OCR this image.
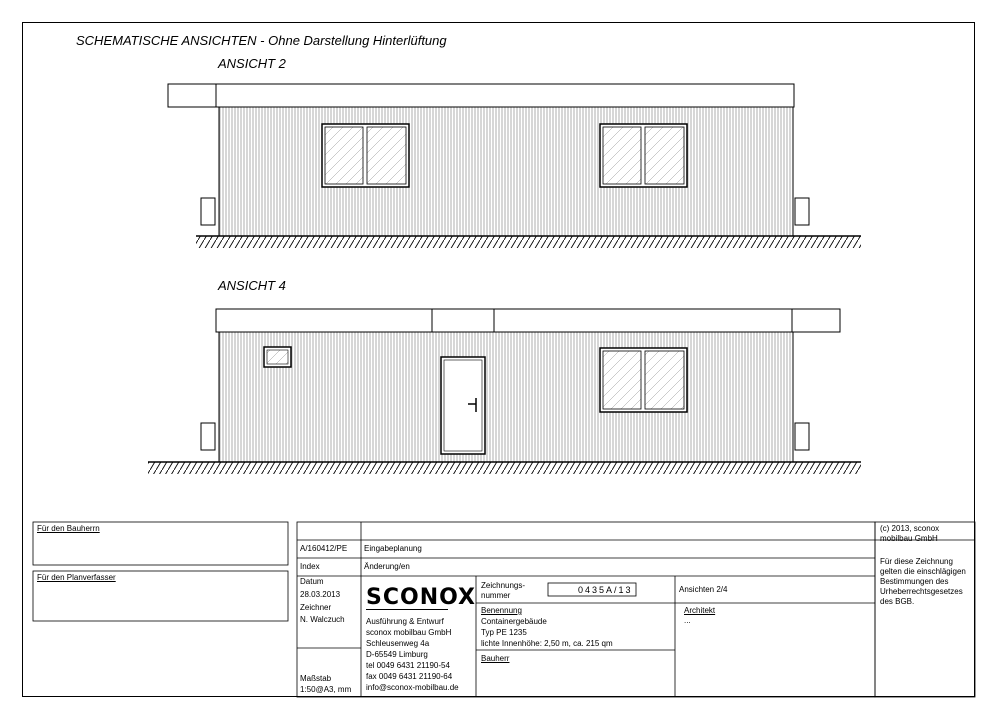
SCHEMATISCHE ANSICHTEN - Ohne Darstellung Hinterlüftung
ANSICHT 2
ANSICHT 4
Für den Bauherrn
Für den Planverfasser
A/160412/PE Eingabeplanung
Index	Änderung/en
Datum
28.03.2013
Zeichner
N. Walczuch
Maßstab
1:50@A3, mm
SCONOX
Ausführung & Entwurf
sconox mobilbau GmbH
Schleusenweg 4a
D-65549 Limburg
tel 0049 6431 21190-54
fax 0049 6431 21190-64
info@sconox-mobilbau.de
Zeichnungs-
nummer
0435A/13	Ansichten 2/4
Benennung
Containergebäude
Typ PE 1235
lichte Innenhöhe: 2,50 m, ca. 215 qm
Bauherr
Architekt
...
(c) 2013, sconox
mobilbau GmbH
Für diese Zeichnung
gelten die einschlägigen
Bestimmungen des
Urheberrechtsgesetzes
des BGB.
